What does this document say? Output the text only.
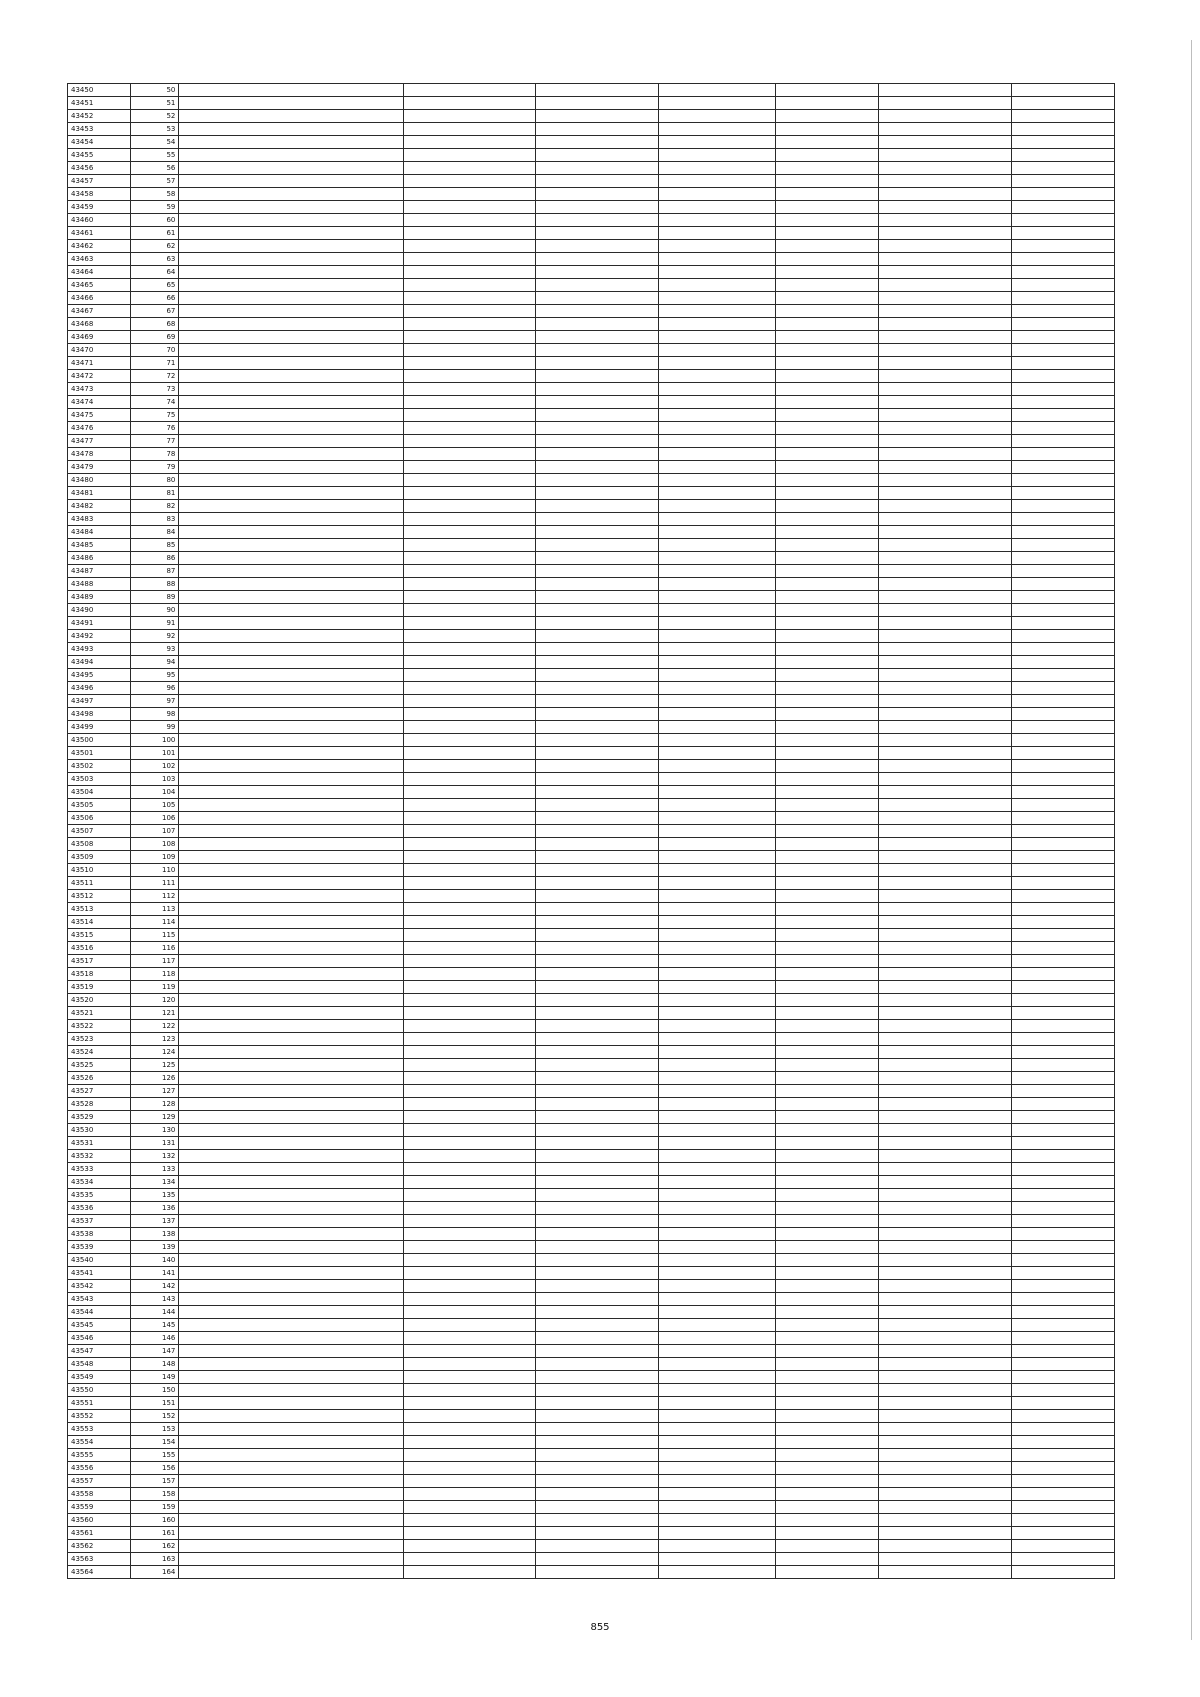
43450	50							
43451	51							
43452	52							
43453	53							
43454	54							
43455	55							
43456	56							
43457	57							
43458	58							
43459	59							
43460	60							
43461	61							
43462	62							
43463	63							
43464	64							
43465	65							
43466	66							
43467	67							
43468	68							
43469	69							
43470	70							
43471	71							
43472	72							
43473	73							
43474	74							
43475	75							
43476	76							
43477	77							
43478	78							
43479	79							
43480	80							
43481	81							
43482	82							
43483	83							
43484	84							
43485	85							
43486	86							
43487	87							
43488	88							
43489	89							
43490	90							
43491	91							
43492	92							
43493	93							
43494	94							
43495	95							
43496	96							
43497	97							
43498	98							
43499	99							
43500	100							
43501	101							
43502	102							
43503	103							
43504	104							
43505	105							
43506	106							
43507	107							
43508	108							
43509	109							
43510	110							
43511	111							
43512	112							
43513	113							
43514	114							
43515	115							
43516	116							
43517	117							
43518	118							
43519	119							
43520	120							
43521	121							
43522	122							
43523	123							
43524	124							
43525	125							
43526	126							
43527	127							
43528	128							
43529	129							
43530	130							
43531	131							
43532	132							
43533	133							
43534	134							
43535	135							
43536	136							
43537	137							
43538	138							
43539	139							
43540	140							
43541	141							
43542	142							
43543	143							
43544	144							
43545	145							
43546	146							
43547	147							
43548	148							
43549	149							
43550	150							
43551	151							
43552	152							
43553	153							
43554	154							
43555	155							
43556	156							
43557	157							
43558	158							
43559	159							
43560	160							
43561	161							
43562	162							
43563	163							
43564	164							
855
